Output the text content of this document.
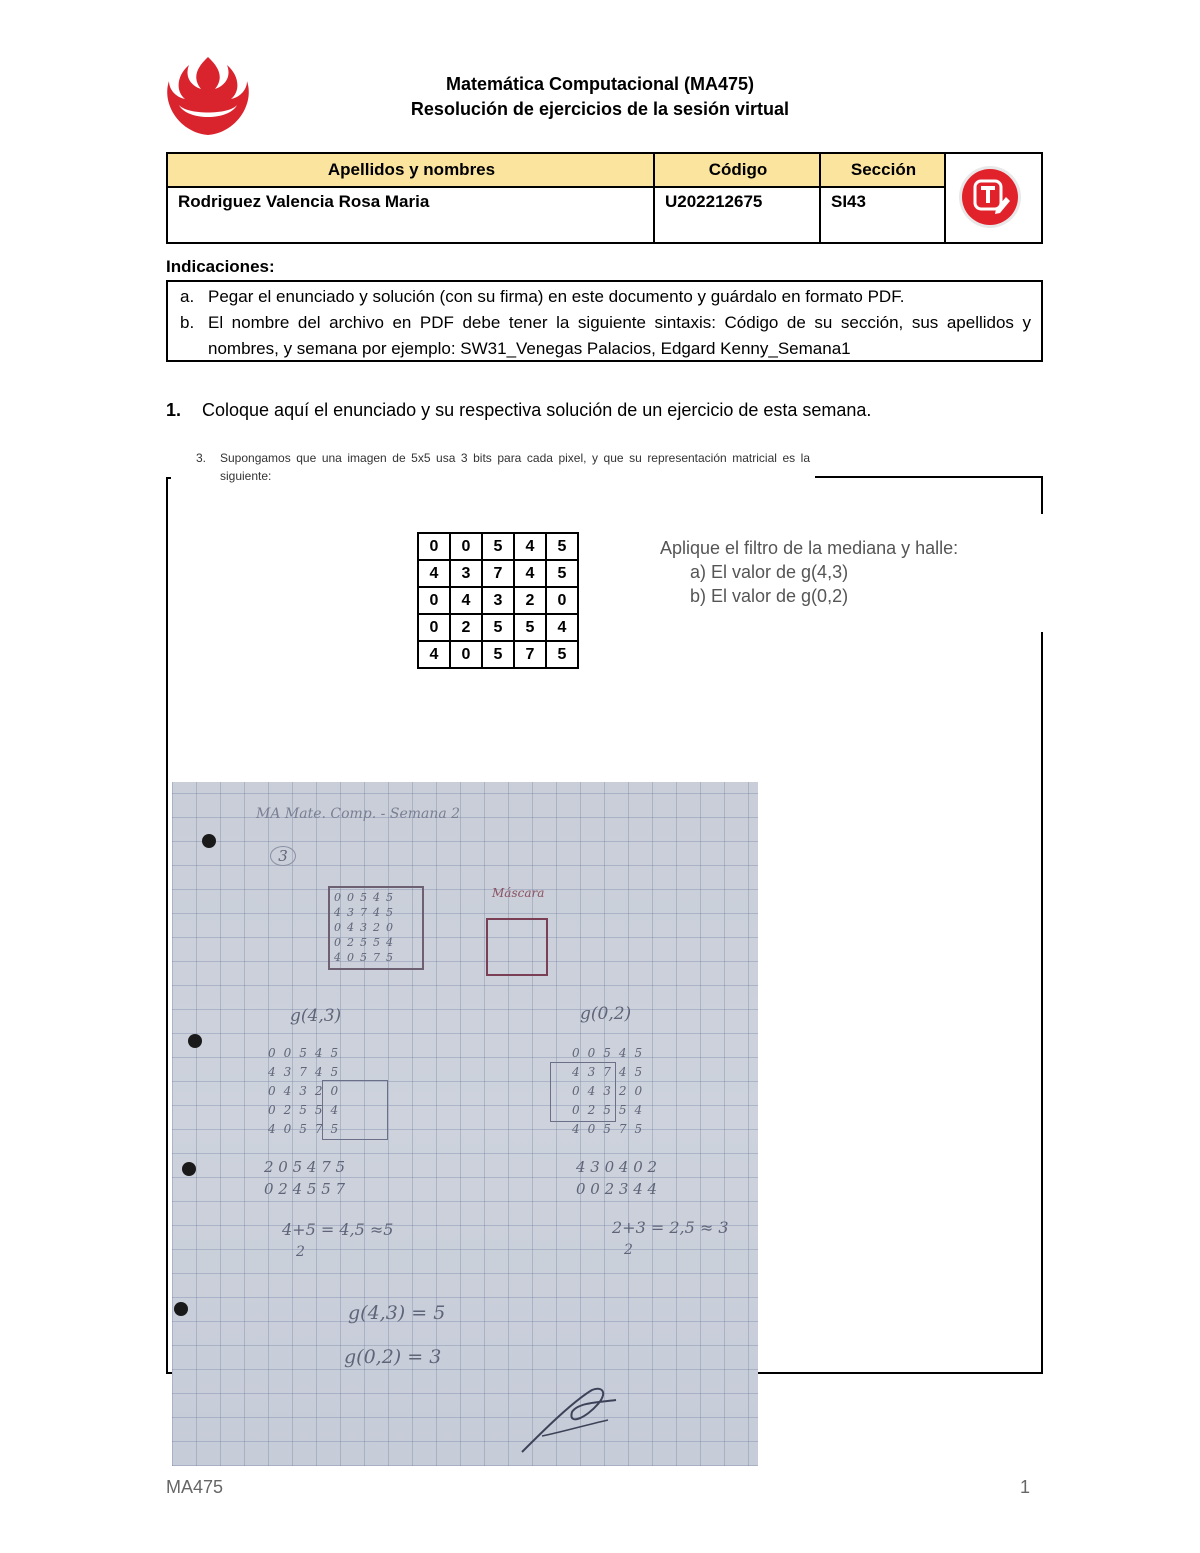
Matemática Computacional (MA475)
Resolución de ejercicios de la sesión virtual
Apellidos y nombres	Código	Sección
Rodriguez Valencia Rosa Maria	U202212675	SI43
Indicaciones:
a. Pegar el enunciado y solución (con su firma) en este documento y guárdalo en formato PDF.
b. El nombre del archivo en PDF debe tener la siguiente sintaxis: Código de su sección, sus apellidos y nombres, y semana por ejemplo: SW31_Venegas Palacios, Edgard Kenny_Semana1
1. Coloque aquí el enunciado y su respectiva solución de un ejercicio de esta semana.
3. Supongamos que una imagen de 5x5 usa 3 bits para cada pixel, y que su representación matricial es la siguiente:
0	0	5	4	5
4	3	7	4	5
0	4	3	2	0
0	2	5	5	4
4	0	5	7	5
Aplique el filtro de la mediana y halle:
a) El valor de g(4,3)
b) El valor de g(0,2)
MA Mate. Comp. - Semana 2
3
00545
43745
04320
02554
40575
Máscara
g(4,3)	g(0,2)
00545
43745
04320
02554
40575
00545
43745
04320
02554
40575
2 0 5 4 7 5
0 2 4 5 5 7
4 3 0 4 0 2
0 0 2 3 4 4
4+5 = 4,5 ≈5
2
2+3 = 2,5 ≈ 3
2
g(4,3) = 5
g(0,2) = 3
MA475	1
